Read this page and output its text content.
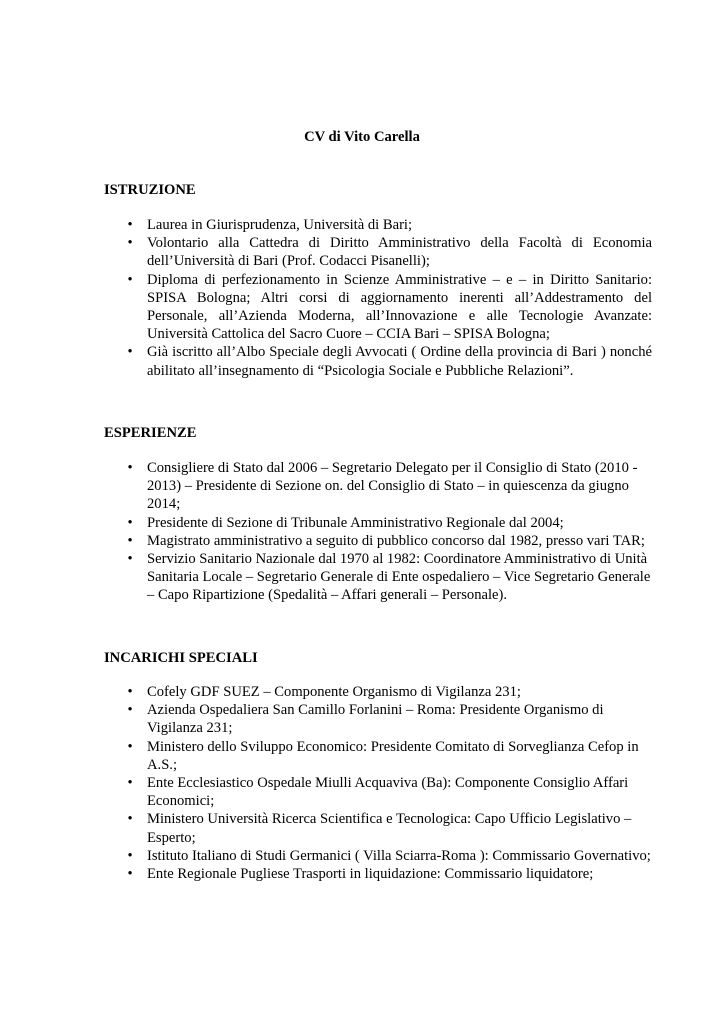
CV di Vito Carella
ISTRUZIONE
• Laurea in Giurisprudenza, Università di Bari;
• Volontario alla Cattedra di Diritto Amministrativo della Facoltà di Economia dell’Università di Bari (Prof. Codacci Pisanelli);
• Diploma di perfezionamento in Scienze Amministrative – e – in Diritto Sanitario: SPISA Bologna; Altri corsi di aggiornamento inerenti all’Addestramento del Personale, all’Azienda Moderna, all’Innovazione e alle Tecnologie Avanzate: Università Cattolica del Sacro Cuore – CCIA Bari – SPISA Bologna;
• Già iscritto all’Albo Speciale degli Avvocati ( Ordine della provincia di Bari ) nonché abilitato all’insegnamento di “Psicologia Sociale e Pubbliche Relazioni”.
ESPERIENZE
• Consigliere di Stato dal 2006 – Segretario Delegato per il Consiglio di Stato (2010 - 2013) – Presidente di Sezione on. del Consiglio di Stato – in quiescenza da giugno 2014;
• Presidente di Sezione di Tribunale Amministrativo Regionale dal 2004;
• Magistrato amministrativo a seguito di pubblico concorso dal 1982, presso vari TAR;
• Servizio Sanitario Nazionale dal 1970 al 1982: Coordinatore Amministrativo di Unità Sanitaria Locale – Segretario Generale di Ente ospedaliero – Vice Segretario Generale – Capo Ripartizione (Spedalità – Affari generali – Personale).
INCARICHI SPECIALI
• Cofely GDF SUEZ – Componente Organismo di Vigilanza 231;
• Azienda Ospedaliera San Camillo Forlanini – Roma: Presidente Organismo di Vigilanza 231;
• Ministero dello Sviluppo Economico: Presidente Comitato di Sorveglianza Cefop in A.S.;
• Ente Ecclesiastico Ospedale Miulli Acquaviva (Ba): Componente Consiglio Affari Economici;
• Ministero Università Ricerca Scientifica e Tecnologica: Capo Ufficio Legislativo – Esperto;
• Istituto Italiano di Studi Germanici ( Villa Sciarra-Roma ): Commissario Governativo;
• Ente Regionale Pugliese Trasporti in liquidazione: Commissario liquidatore;
